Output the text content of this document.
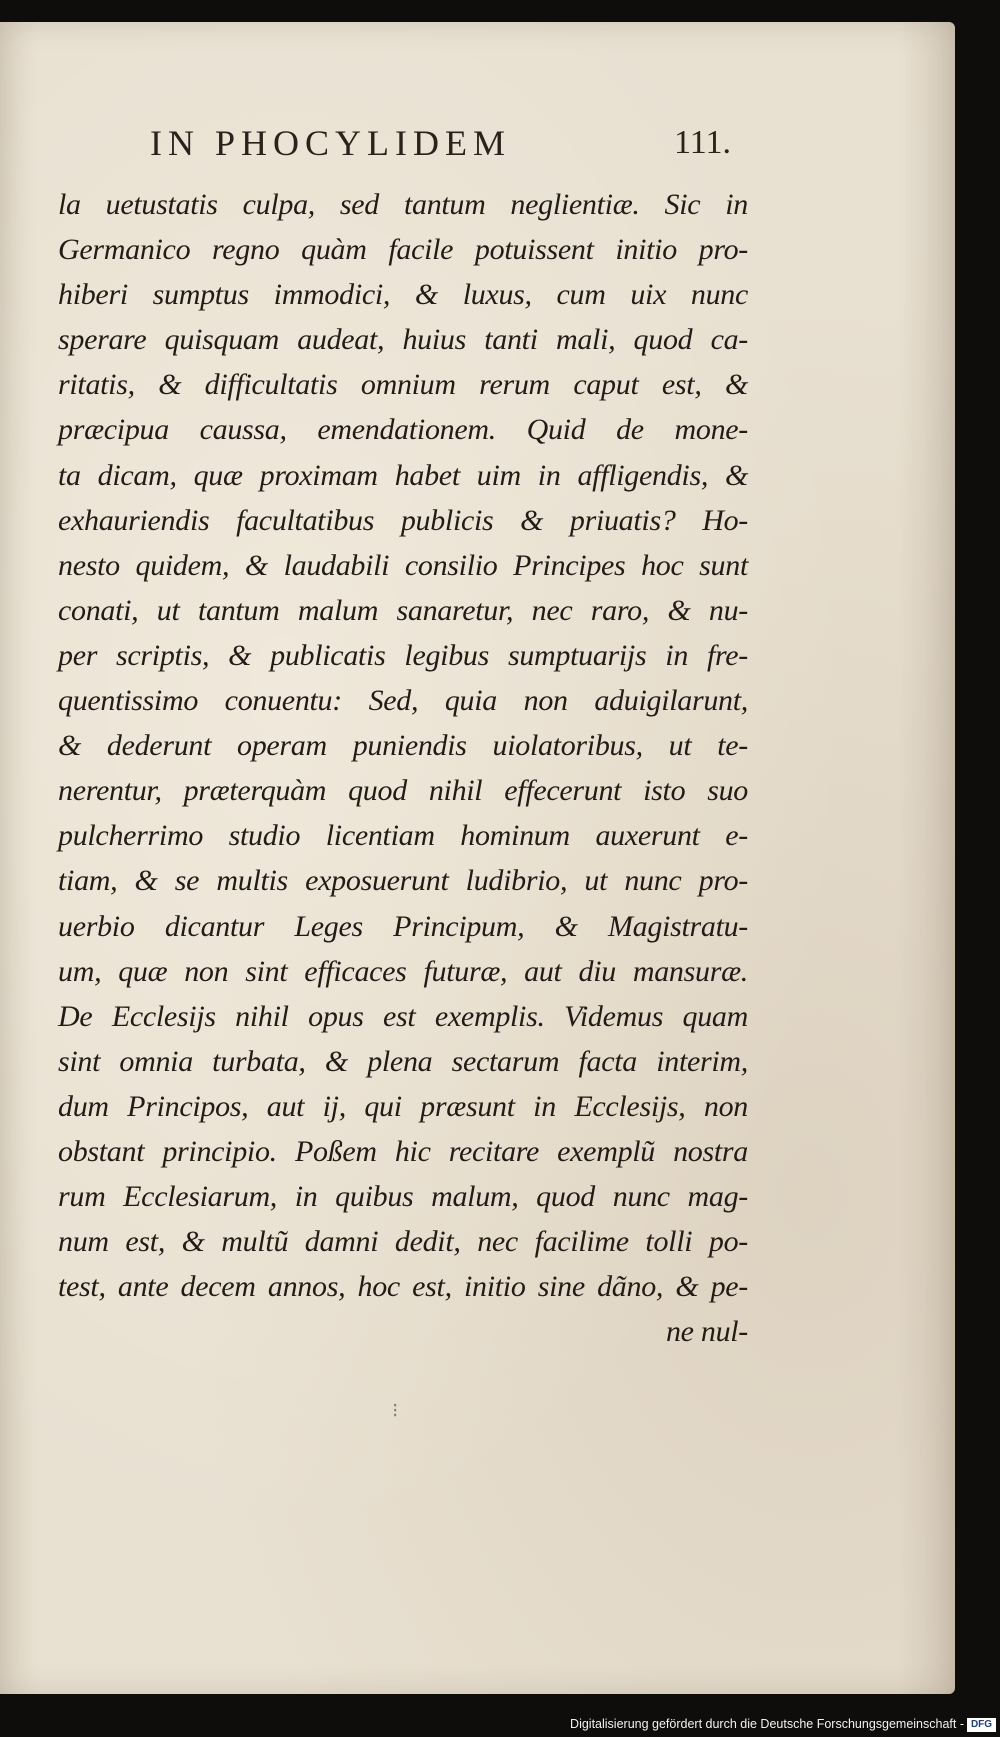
IN PHOCYLIDEM	111.
la uetustatis culpa, sed tantum neglientiæ. Sic in
Germanico regno quàm facile potuissent initio pro-
hiberi sumptus immodici, & luxus, cum uix nunc
sperare quisquam audeat, huius tanti mali, quod ca-
ritatis, & difficultatis omnium rerum caput est, &
præcipua caussa, emendationem. Quid de mone-
ta dicam, quæ proximam habet uim in affligendis, &
exhauriendis facultatibus publicis & priuatis? Ho-
nesto quidem, & laudabili consilio Principes hoc sunt
conati, ut tantum malum sanaretur, nec raro, & nu-
per scriptis, & publicatis legibus sumptuarijs in fre-
quentissimo conuentu: Sed, quia non aduigilarunt,
& dederunt operam puniendis uiolatoribus, ut te-
nerentur, præterquàm quod nihil effecerunt isto suo
pulcherrimo studio licentiam hominum auxerunt e-
tiam, & se multis exposuerunt ludibrio, ut nunc pro-
uerbio dicantur Leges Principum, & Magistratu-
um, quæ non sint efficaces futuræ, aut diu mansuræ.
De Ecclesijs nihil opus est exemplis. Videmus quam
sint omnia turbata, & plena sectarum facta interim,
dum Principos, aut ij, qui præsunt in Ecclesijs, non
obstant principio. Poßem hic recitare exemplũ nostra
rum Ecclesiarum, in quibus malum, quod nunc mag-
num est, & multũ damni dedit, nec facilime tolli po-
test, ante decem annos, hoc est, initio sine dãno, & pe-
ne nul-
⁝
Digitalisierung gefördert durch die Deutsche Forschungsgemeinschaft - DFG
